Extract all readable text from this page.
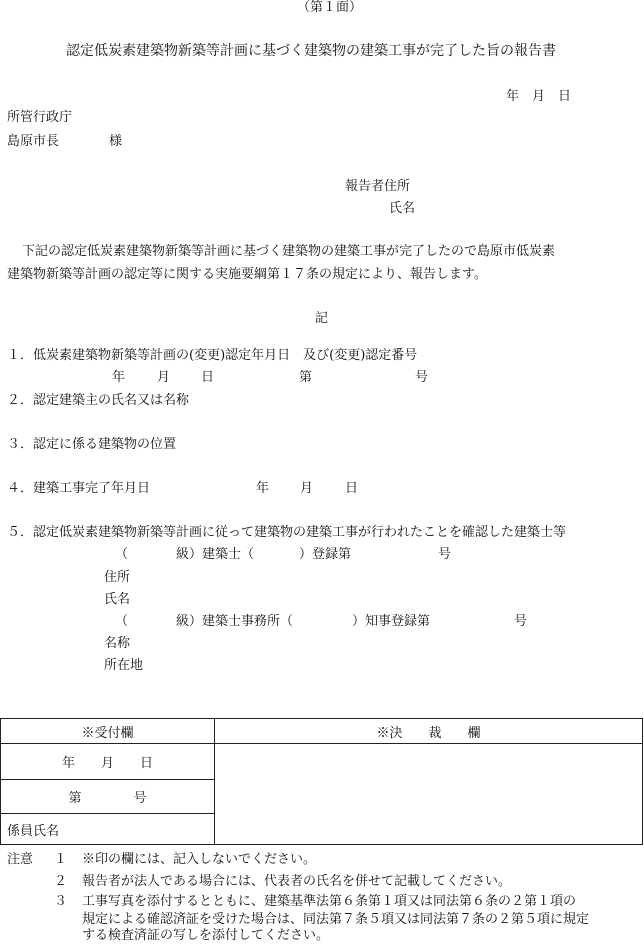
（第１面）
認定低炭素建築物新築等計画に基づく建築物の建築工事が完了した旨の報告書
年　月　日
所管行政庁
島原市長	様
報告者住所
氏名
下記の認定低炭素建築物新築等計画に基づく建築物の建築工事が完了したので島原市低炭素
建築物新築等計画の認定等に関する実施要綱第１７条の規定により、報告します。
記
１．低炭素建築物新築等計画の(変更)認定年月日　及び(変更)認定番号
年 月 日	第	号
２．認定建築主の氏名又は名称
３．認定に係る建築物の位置
４．建築工事完了年月日	年 月 日
５．認定低炭素建築物新築等計画に従って建築物の建築工事が行われたことを確認した建築士等
（	級）建築士（	）登録第	号
住所
氏名
（	級）建築士事務所（	）知事登録第	号
名称
所在地
※受付欄	※決　　裁　　欄
年　　月　　日	
第　　　　号	
係員氏名	
注意 １ ※印の欄には、記入しないでください。
２ 報告者が法人である場合には、代表者の氏名を併せて記載してください。
３ 工事写真を添付するとともに、建築基準法第６条第１項又は同法第６条の２第１項の
規定による確認済証を受けた場合は、同法第７条５項又は同法第７条の２第５項に規定
する検査済証の写しを添付してください。
